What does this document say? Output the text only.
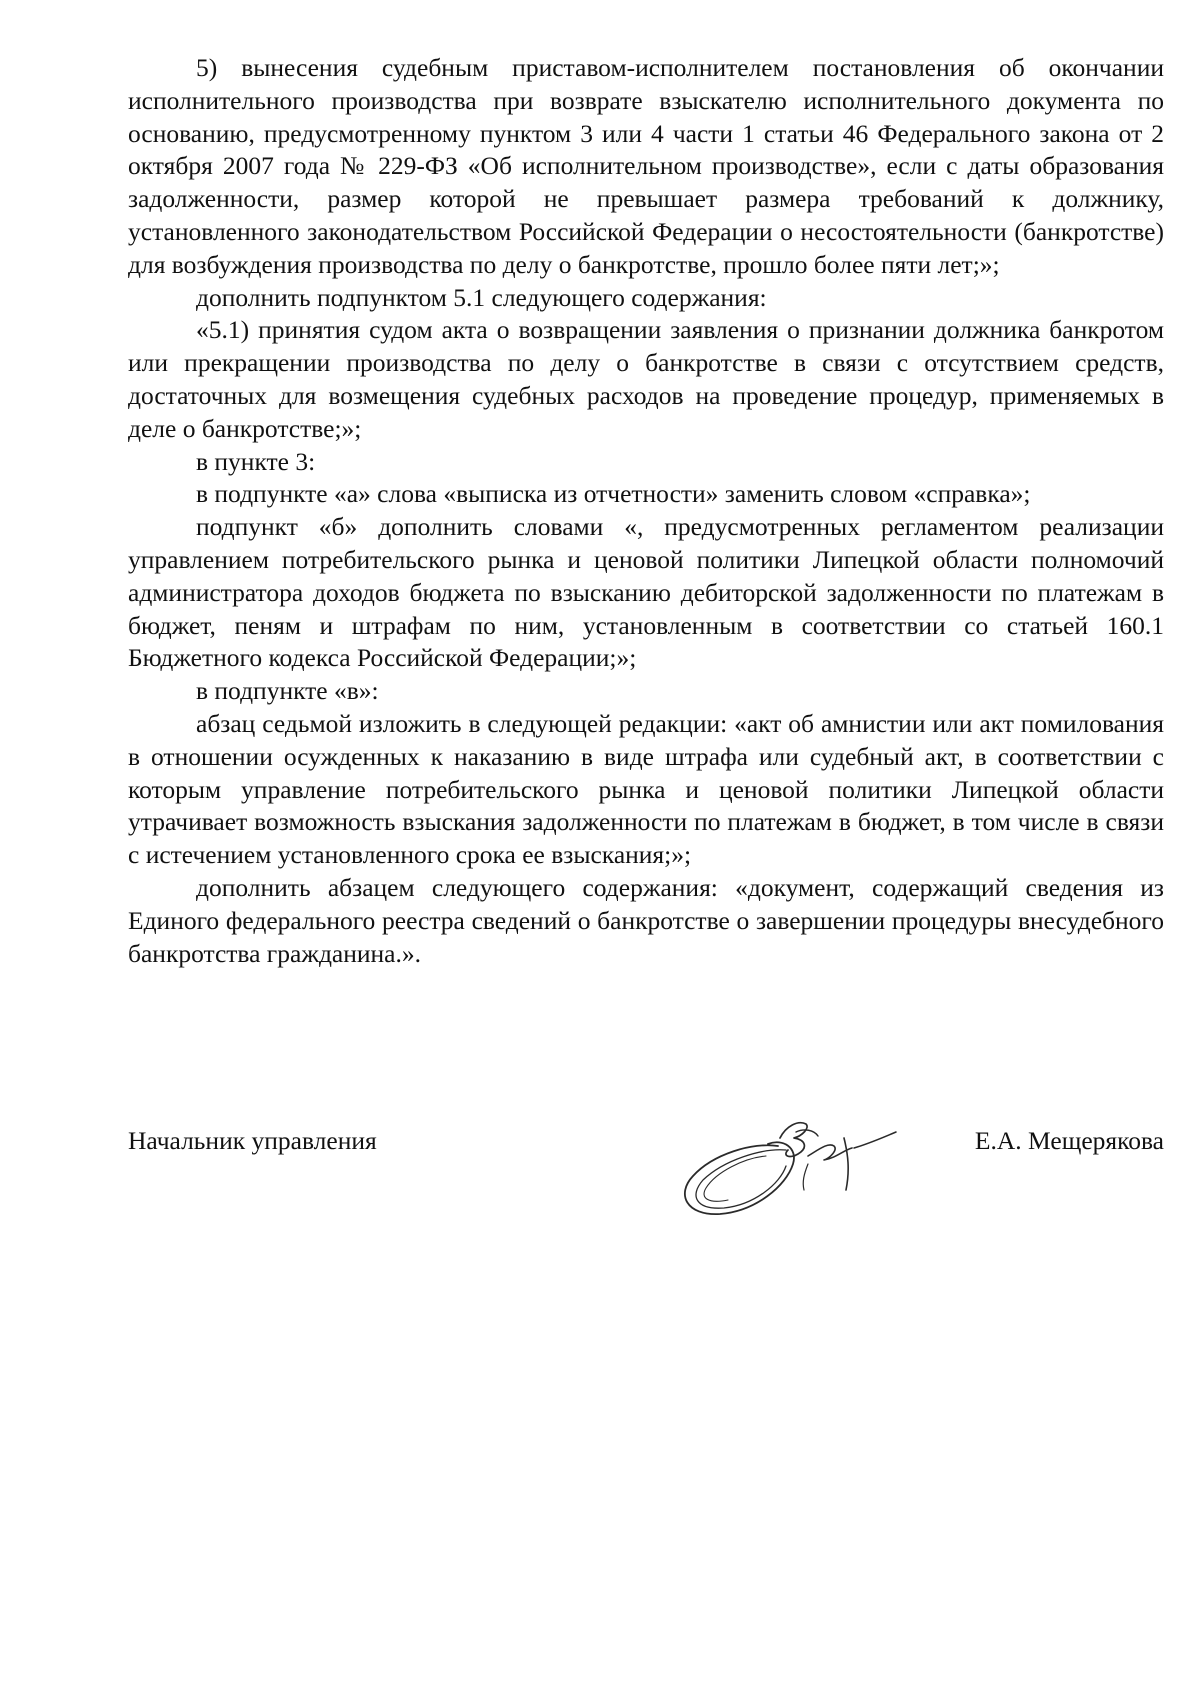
5) вынесения судебным приставом-исполнителем постановления об окончании исполнительного производства при возврате взыскателю исполнительного документа по основанию, предусмотренному пунктом 3 или 4 части 1 статьи 46 Федерального закона от 2 октября 2007 года № 229-ФЗ «Об исполнительном производстве», если с даты образования задолженности, размер которой не превышает размера требований к должнику, установленного законодательством Российской Федерации о несостоятельности (банкротстве) для возбуждения производства по делу о банкротстве, прошло более пяти лет;»;

дополнить подпунктом 5.1 следующего содержания:

«5.1) принятия судом акта о возвращении заявления о признании должника банкротом или прекращении производства по делу о банкротстве в связи с отсутствием средств, достаточных для возмещения судебных расходов на проведение процедур, применяемых в деле о банкротстве;»;

в пункте 3:

в подпункте «а» слова «выписка из отчетности» заменить словом «справка»;

подпункт «б» дополнить словами «, предусмотренных регламентом реализации управлением потребительского рынка и ценовой политики Липецкой области полномочий администратора доходов бюджета по взысканию дебиторской задолженности по платежам в бюджет, пеням и штрафам по ним, установленным в соответствии со статьей 160.1 Бюджетного кодекса Российской Федерации;»;

в подпункте «в»:

абзац седьмой изложить в следующей редакции: «акт об амнистии или акт помилования в отношении осужденных к наказанию в виде штрафа или судебный акт, в соответствии с которым управление потребительского рынка и ценовой политики Липецкой области утрачивает возможность взыскания задолженности по платежам в бюджет, в том числе в связи с истечением установленного срока ее взыскания;»;

дополнить абзацем следующего содержания: «документ, содержащий сведения из Единого федерального реестра сведений о банкротстве о завершении процедуры внесудебного банкротства гражданина.».

Начальник управления	Е.А. Мещерякова
